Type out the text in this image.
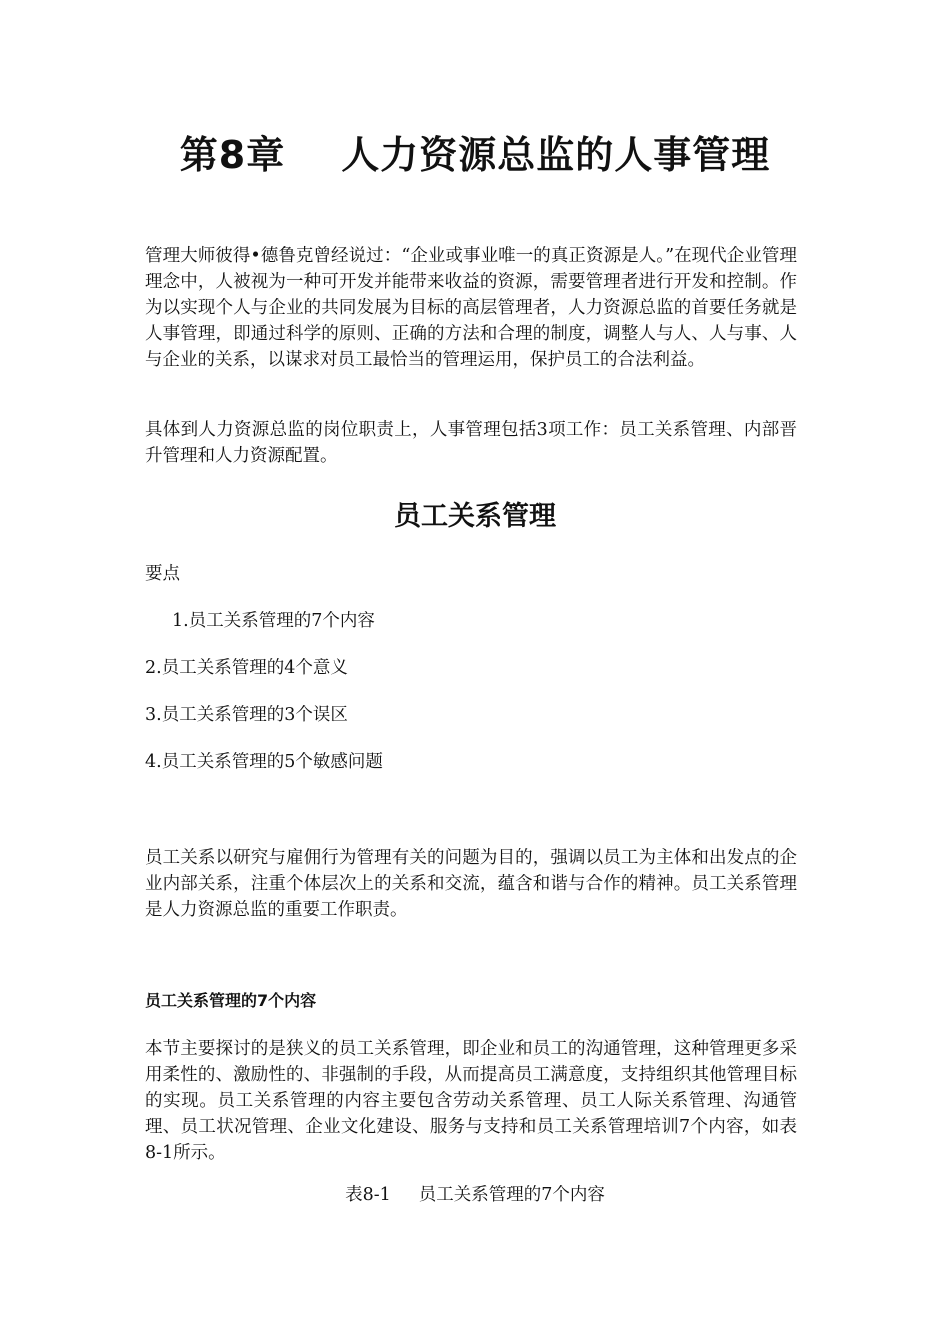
第8章 人力资源总监的人事管理

管理大师彼得•德鲁克曾经说过：“企业或事业唯一的真正资源是人。”在现代企业管理理念中，人被视为一种可开发并能带来收益的资源，需要管理者进行开发和控制。作为以实现个人与企业的共同发展为目标的高层管理者，人力资源总监的首要任务就是人事管理，即通过科学的原则、正确的方法和合理的制度，调整人与人、人与事、人与企业的关系，以谋求对员工最恰当的管理运用，保护员工的合法利益。

具体到人力资源总监的岗位职责上，人事管理包括3项工作：员工关系管理、内部晋升管理和人力资源配置。

员工关系管理

要点

1.员工关系管理的7个内容

2.员工关系管理的4个意义

3.员工关系管理的3个误区

4.员工关系管理的5个敏感问题

员工关系以研究与雇佣行为管理有关的问题为目的，强调以员工为主体和出发点的企业内部关系，注重个体层次上的关系和交流，蕴含和谐与合作的精神。员工关系管理是人力资源总监的重要工作职责。

员工关系管理的7个内容

本节主要探讨的是狭义的员工关系管理，即企业和员工的沟通管理，这种管理更多采用柔性的、激励性的、非强制的手段，从而提高员工满意度，支持组织其他管理目标的实现。员工关系管理的内容主要包含劳动关系管理、员工人际关系管理、沟通管理、员工状况管理、企业文化建设、服务与支持和员工关系管理培训7个内容，如表8-1所示。

表8-1 员工关系管理的7个内容
